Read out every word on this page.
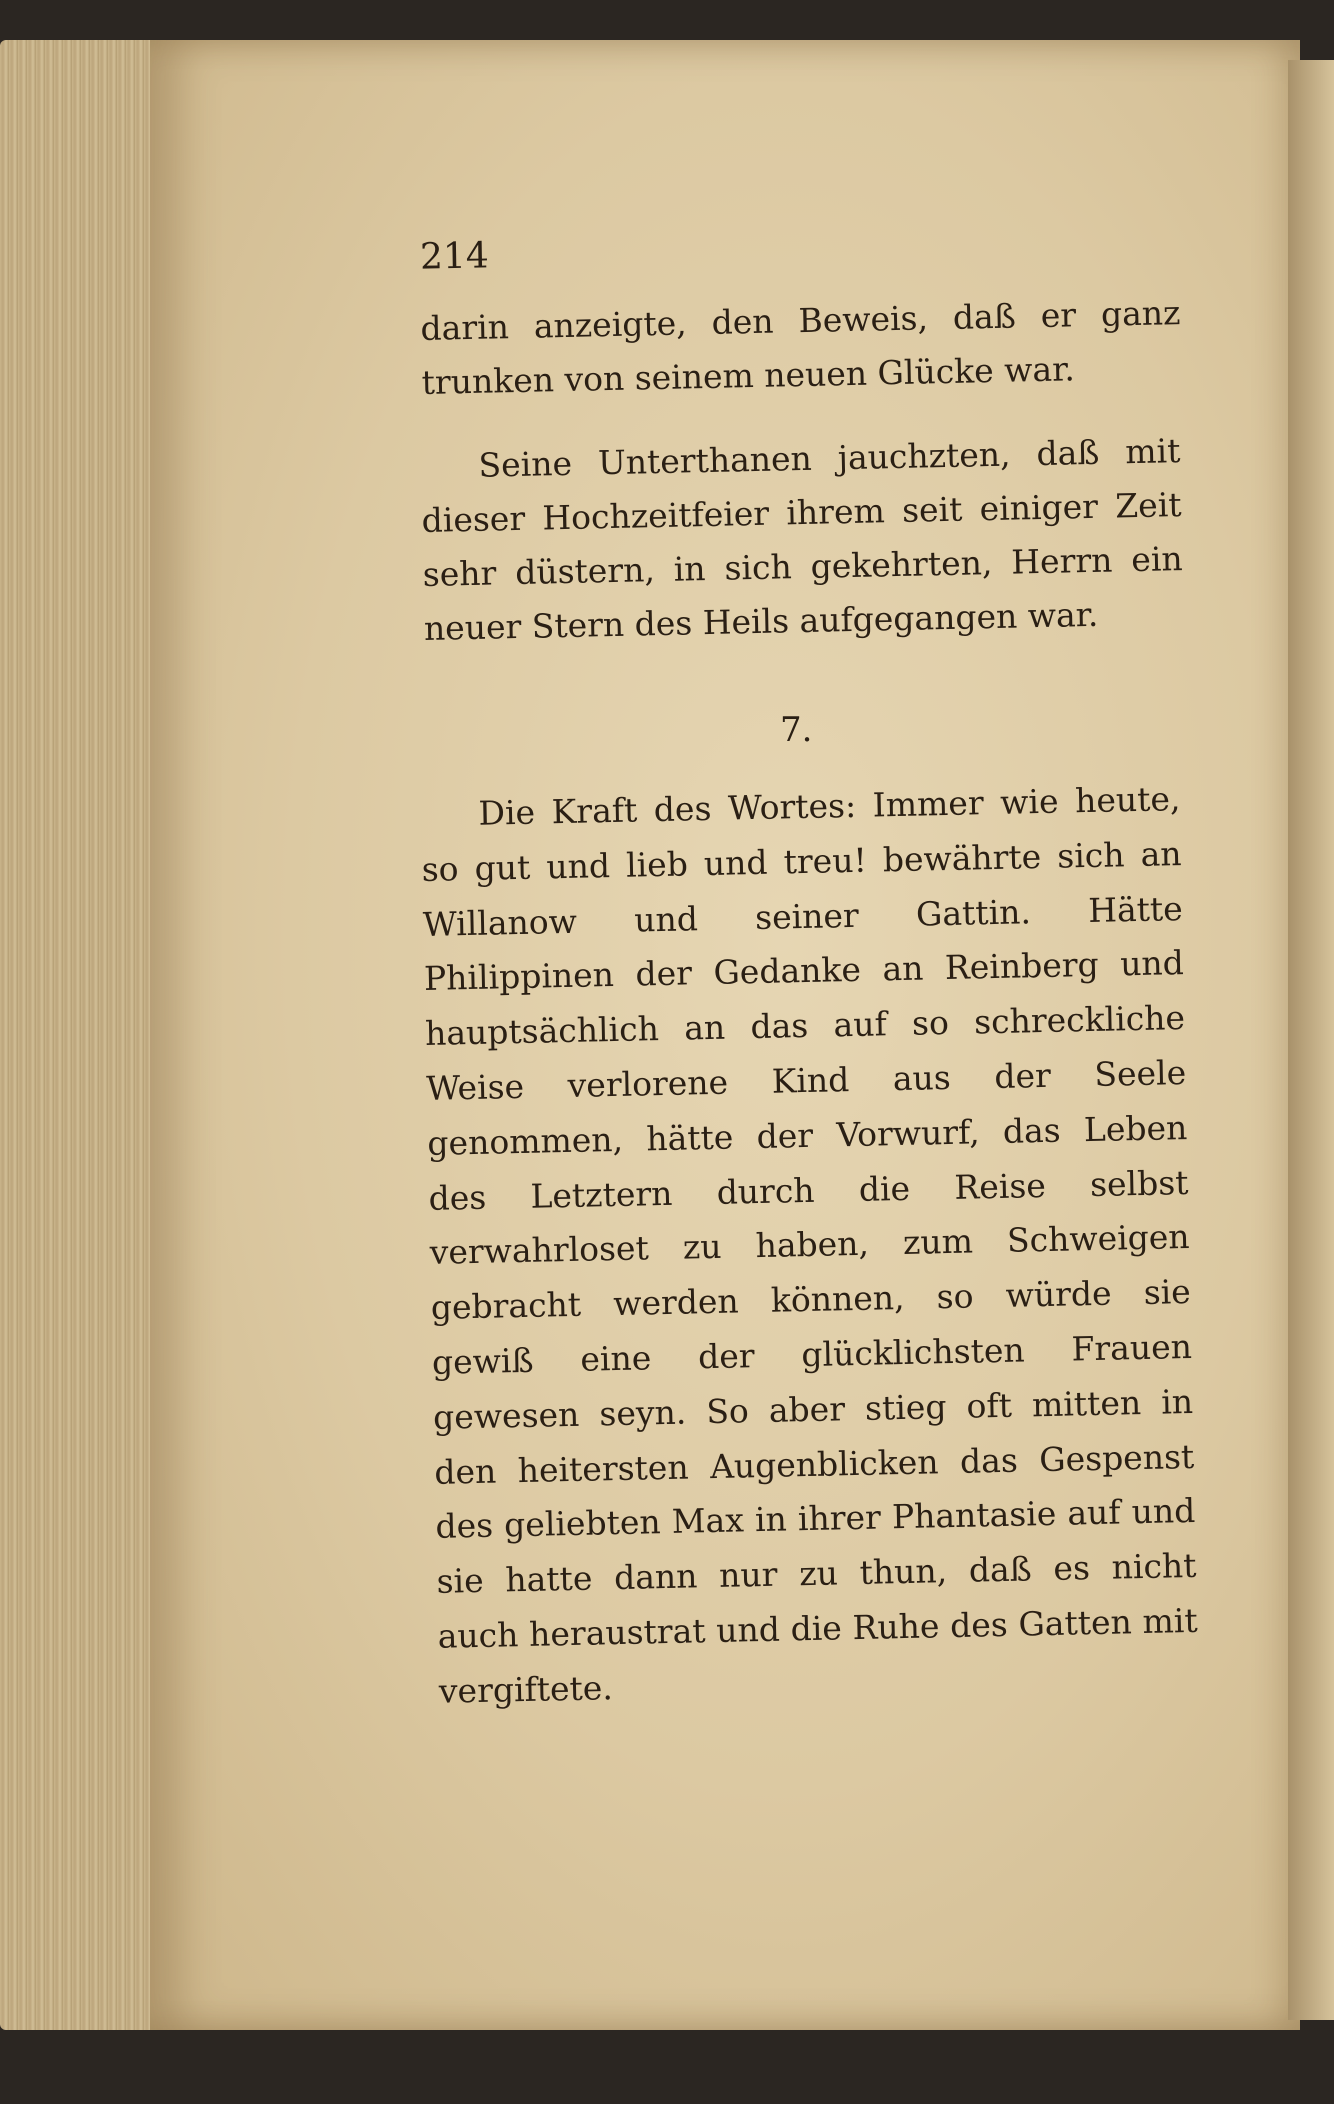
214

darin anzeigte, den Beweis, daß er ganz trunken von seinem neuen Glücke war.

Seine Unterthanen jauchzten, daß mit dieser Hochzeitfeier ihrem seit einiger Zeit sehr düstern, in sich gekehrten, Herrn ein neuer Stern des Heils aufgegangen war.

7.

Die Kraft des Wortes: Immer wie heute, so gut und lieb und treu! bewährte sich an Willanow und seiner Gattin. Hätte Philippinen der Gedanke an Reinberg und hauptsächlich an das auf so schreckliche Weise verlorene Kind aus der Seele genommen, hätte der Vorwurf, das Leben des Letztern durch die Reise selbst verwahrloset zu haben, zum Schweigen gebracht werden können, so würde sie gewiß eine der glücklichsten Frauen gewesen seyn. So aber stieg oft mitten in den heitersten Augenblicken das Gespenst des geliebten Max in ihrer Phantasie auf und sie hatte dann nur zu thun, daß es nicht auch heraustrat und die Ruhe des Gatten mit vergiftete.
